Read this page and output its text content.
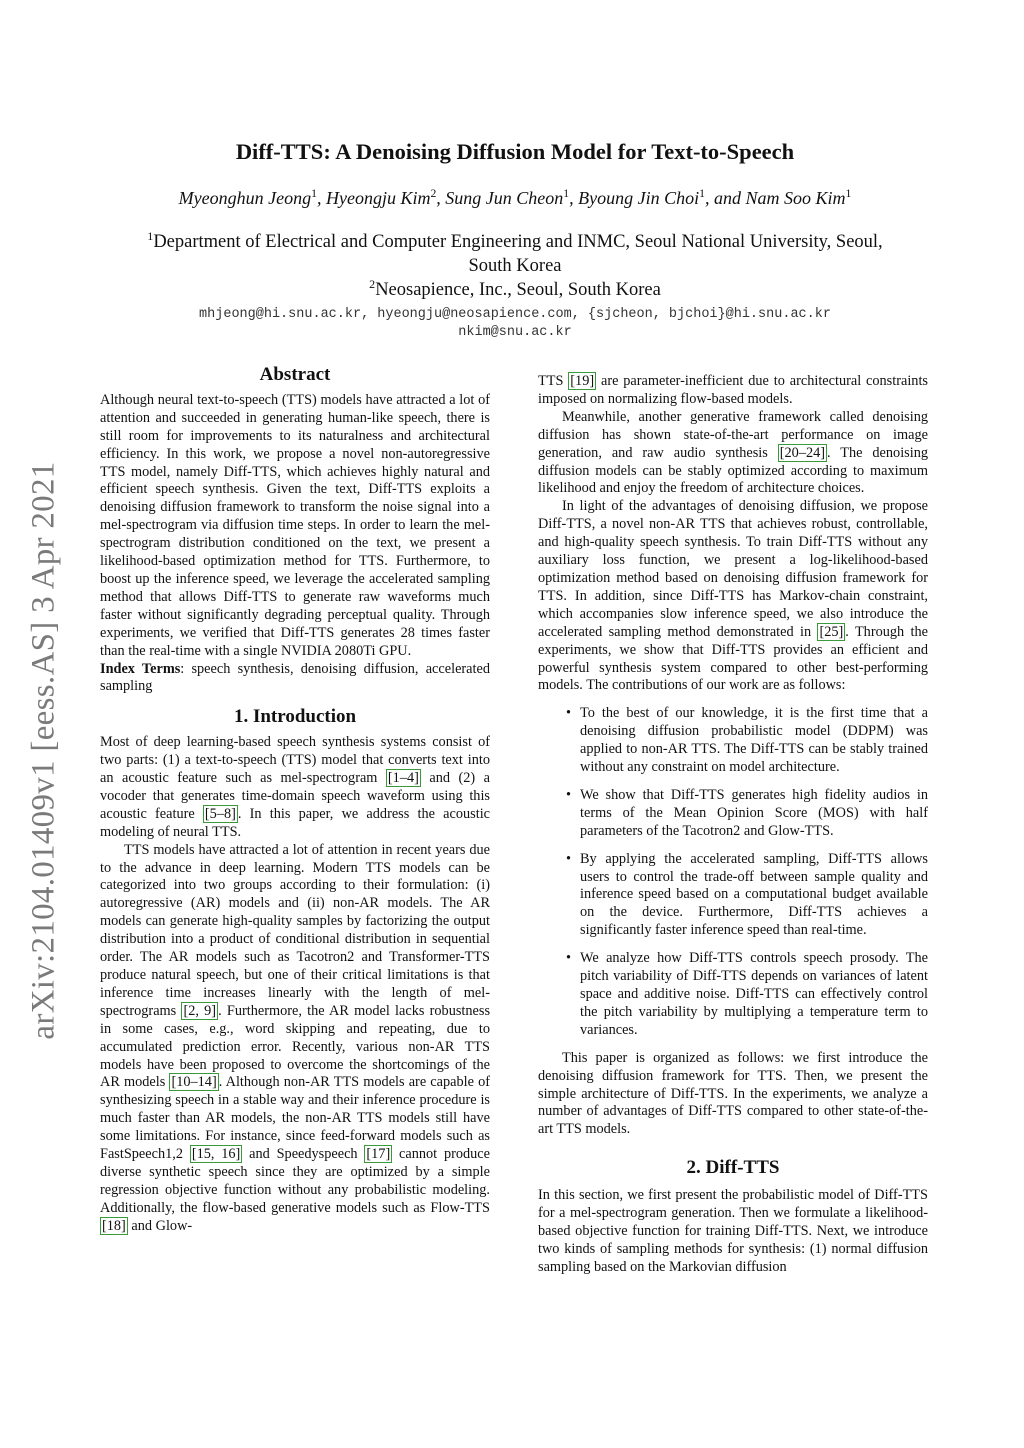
arXiv:2104.01409v1 [eess.AS] 3 Apr 2021
Diff-TTS: A Denoising Diffusion Model for Text-to-Speech
Myeonghun Jeong$^1$, Hyeongju Kim$^2$, Sung Jun Cheon$^1$, Byoung Jin Choi$^1$, and Nam Soo Kim$^1$
$^1$Department of Electrical and Computer Engineering and INMC, Seoul National University, Seoul,
South Korea
$^2$Neosapience, Inc., Seoul, South Korea
mhjeong@hi.snu.ac.kr, hyeongju@neosapience.com, {sjcheon, bjchoi}@hi.snu.ac.kr
nkim@snu.ac.kr
Abstract

Although neural text-to-speech (TTS) models have attracted a lot of attention and succeeded in generating human-like speech, there is still room for improvements to its naturalness and architectural efficiency. In this work, we propose a novel non-autoregressive TTS model, namely Diff-TTS, which achieves highly natural and efficient speech synthesis. Given the text, Diff-TTS exploits a denoising diffusion framework to transform the noise signal into a mel-spectrogram via diffusion time steps. In order to learn the mel-spectrogram distribution conditioned on the text, we present a likelihood-based optimization method for TTS. Furthermore, to boost up the inference speed, we leverage the accelerated sampling method that allows Diff-TTS to generate raw waveforms much faster without significantly degrading perceptual quality. Through experiments, we verified that Diff-TTS generates 28 times faster than the real-time with a single NVIDIA 2080Ti GPU.

Index Terms: speech synthesis, denoising diffusion, accelerated sampling

1. Introduction

Most of deep learning-based speech synthesis systems consist of two parts: (1) a text-to-speech (TTS) model that converts text into an acoustic feature such as mel-spectrogram [1–4] and (2) a vocoder that generates time-domain speech waveform using this acoustic feature [5–8] . In this paper, we address the acoustic modeling of neural TTS.

TTS models have attracted a lot of attention in recent years due to the advance in deep learning. Modern TTS models can be categorized into two groups according to their formulation: (i) autoregressive (AR) models and (ii) non-AR models. The AR models can generate high-quality samples by factorizing the output distribution into a product of conditional distribution in sequential order. The AR models such as Tacotron2 and Transformer-TTS produce natural speech, but one of their critical limitations is that inference time increases linearly with the length of mel-spectrograms [2, 9] . Furthermore, the AR model lacks robustness in some cases, e.g., word skipping and repeating, due to accumulated prediction error. Recently, various non-AR TTS models have been proposed to overcome the shortcomings of the AR models [10–14] . Although non-AR TTS models are capable of synthesizing speech in a stable way and their inference procedure is much faster than AR models, the non-AR TTS models still have some limitations. For instance, since feed-forward models such as FastSpeech1,2 [15, 16] and Speedyspeech [17] cannot produce diverse synthetic speech since they are optimized by a simple regression objective function without any probabilistic modeling. Additionally, the flow-based generative models such as Flow-TTS [18] and Glow-

TTS [19] are parameter-inefficient due to architectural constraints imposed on normalizing flow-based models.

Meanwhile, another generative framework called denoising diffusion has shown state-of-the-art performance on image generation, and raw audio synthesis [20–24] . The denoising diffusion models can be stably optimized according to maximum likelihood and enjoy the freedom of architecture choices.

In light of the advantages of denoising diffusion, we propose Diff-TTS, a novel non-AR TTS that achieves robust, controllable, and high-quality speech synthesis. To train Diff-TTS without any auxiliary loss function, we present a log-likelihood-based optimization method based on denoising diffusion framework for TTS. In addition, since Diff-TTS has Markov-chain constraint, which accompanies slow inference speed, we also introduce the accelerated sampling method demonstrated in [25] . Through the experiments, we show that Diff-TTS provides an efficient and powerful synthesis system compared to other best-performing models. The contributions of our work are as follows:

• To the best of our knowledge, it is the first time that a denoising diffusion probabilistic model (DDPM) was applied to non-AR TTS. The Diff-TTS can be stably trained without any constraint on model architecture.
• We show that Diff-TTS generates high fidelity audios in terms of the Mean Opinion Score (MOS) with half parameters of the Tacotron2 and Glow-TTS.
• By applying the accelerated sampling, Diff-TTS allows users to control the trade-off between sample quality and inference speed based on a computational budget available on the device. Furthermore, Diff-TTS achieves a significantly faster inference speed than real-time.
• We analyze how Diff-TTS controls speech prosody. The pitch variability of Diff-TTS depends on variances of latent space and additive noise. Diff-TTS can effectively control the pitch variability by multiplying a temperature term to variances.

This paper is organized as follows: we first introduce the denoising diffusion framework for TTS. Then, we present the simple architecture of Diff-TTS. In the experiments, we analyze a number of advantages of Diff-TTS compared to other state-of-the-art TTS models.

2. Diff-TTS

In this section, we first present the probabilistic model of Diff-TTS for a mel-spectrogram generation. Then we formulate a likelihood-based objective function for training Diff-TTS. Next, we introduce two kinds of sampling methods for synthesis: (1) normal diffusion sampling based on the Markovian diffusion
